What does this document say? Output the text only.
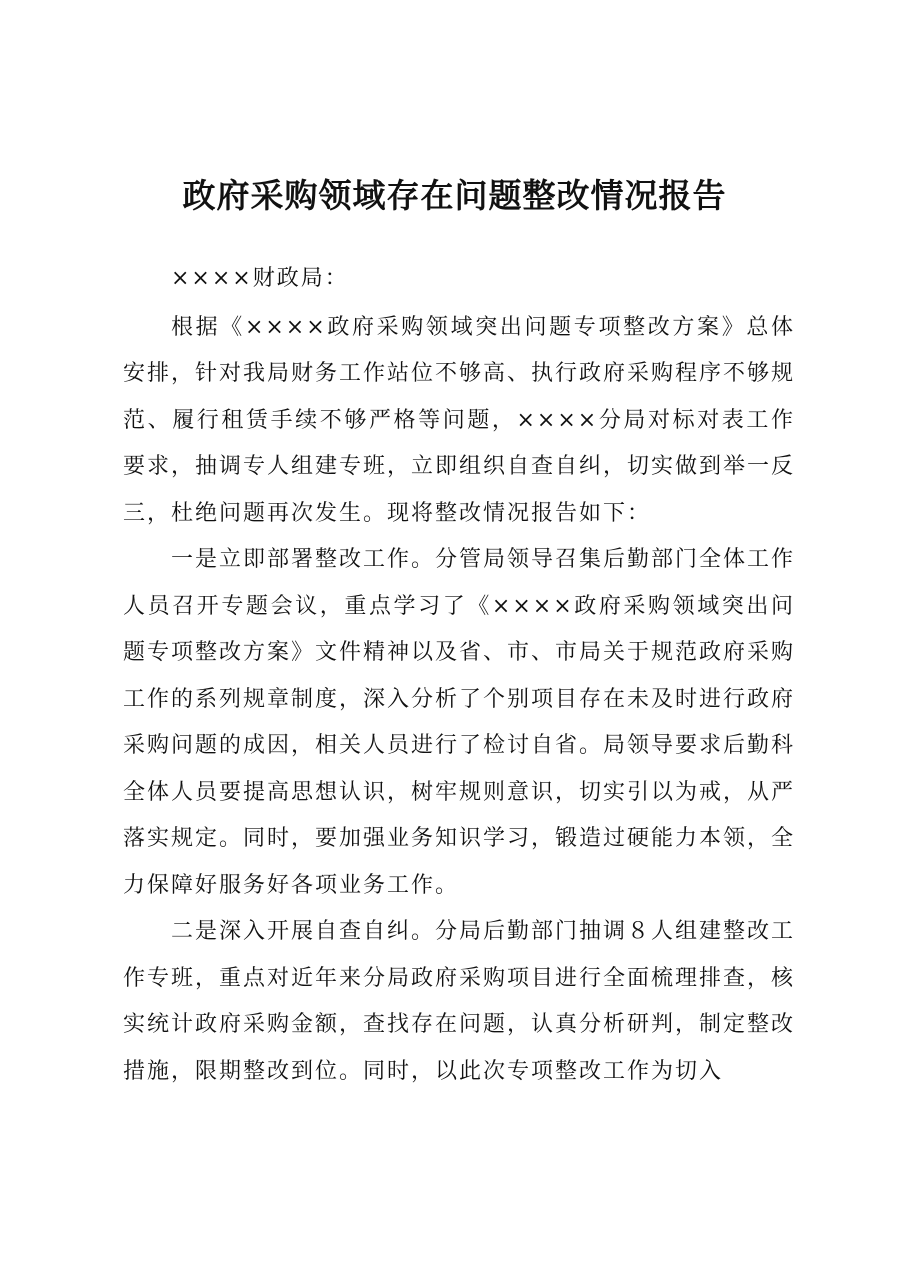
政府采购领域存在问题整改情况报告

××××财政局：

根据《××××政府采购领域突出问题专项整改方案》总体安排，针对我局财务工作站位不够高、执行政府采购程序不够规范、履行租赁手续不够严格等问题，××××分局对标对表工作要求，抽调专人组建专班，立即组织自查自纠，切实做到举一反三，杜绝问题再次发生。现将整改情况报告如下：

一是立即部署整改工作。分管局领导召集后勤部门全体工作人员召开专题会议，重点学习了《××××政府采购领域突出问题专项整改方案》文件精神以及省、市、市局关于规范政府采购工作的系列规章制度，深入分析了个别项目存在未及时进行政府采购问题的成因，相关人员进行了检讨自省。局领导要求后勤科全体人员要提高思想认识，树牢规则意识，切实引以为戒，从严落实规定。同时，要加强业务知识学习，锻造过硬能力本领，全力保障好服务好各项业务工作。

二是深入开展自查自纠。分局后勤部门抽调８人组建整改工作专班，重点对近年来分局政府采购项目进行全面梳理排查，核实统计政府采购金额，查找存在问题，认真分析研判，制定整改措施，限期整改到位。同时，以此次专项整改工作为切入
